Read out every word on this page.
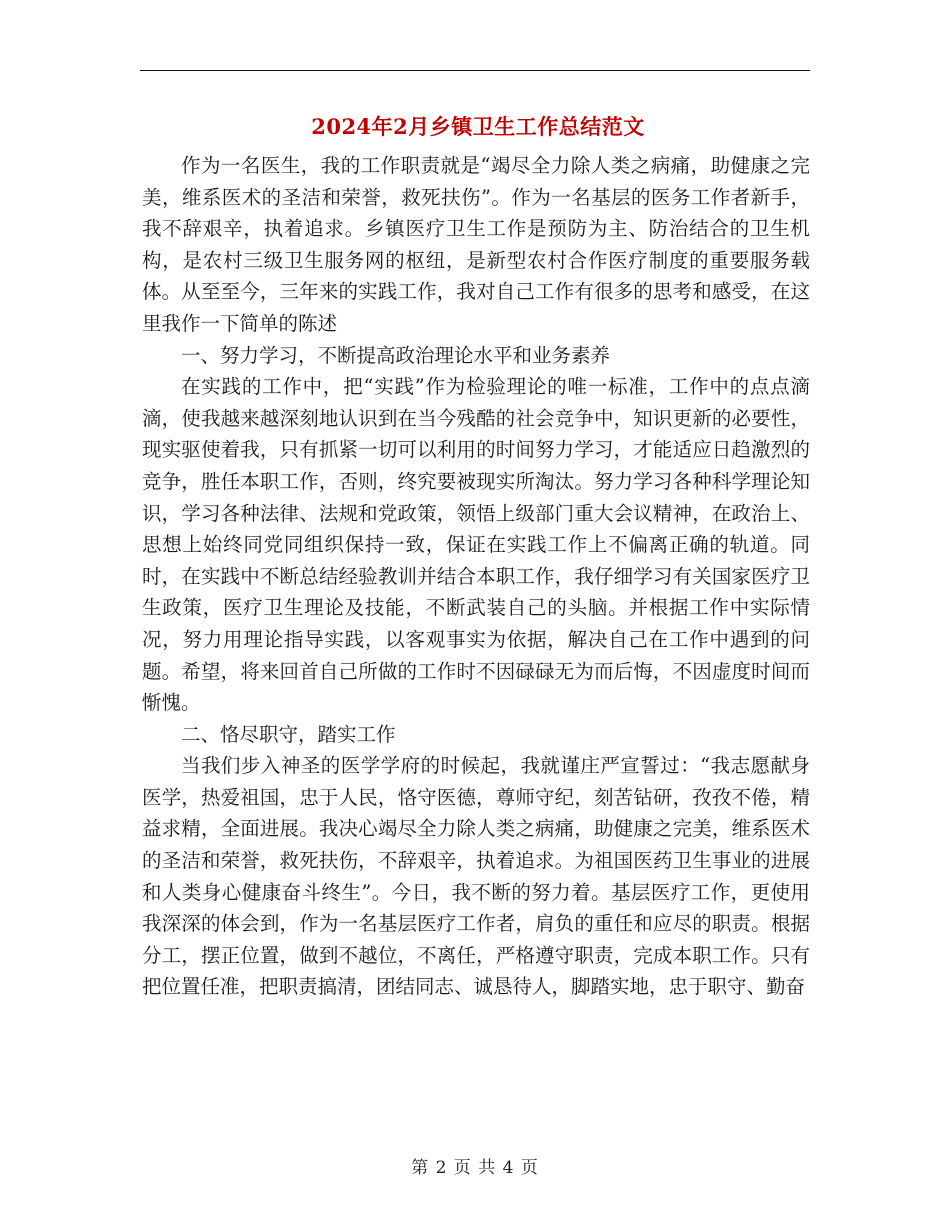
2024年2月乡镇卫生工作总结范文

作为一名医生，我的工作职责就是“竭尽全力除人类之病痛，助健康之完美，维系医术的圣洁和荣誉，救死扶伤”。作为一名基层的医务工作者新手，我不辞艰辛，执着追求。乡镇医疗卫生工作是预防为主、防治结合的卫生机构，是农村三级卫生服务网的枢纽，是新型农村合作医疗制度的重要服务载体。从至至今，三年来的实践工作，我对自己工作有很多的思考和感受，在这里我作一下简单的陈述

一、努力学习，不断提高政治理论水平和业务素养

在实践的工作中，把“实践”作为检验理论的唯一标准，工作中的点点滴滴，使我越来越深刻地认识到在当今残酷的社会竞争中，知识更新的必要性，现实驱使着我，只有抓紧一切可以利用的时间努力学习，才能适应日趋激烈的竞争，胜任本职工作，否则，终究要被现实所淘汰。努力学习各种科学理论知识，学习各种法律、法规和党政策，领悟上级部门重大会议精神，在政治上、思想上始终同党同组织保持一致，保证在实践工作上不偏离正确的轨道。同时，在实践中不断总结经验教训并结合本职工作，我仔细学习有关国家医疗卫生政策，医疗卫生理论及技能，不断武装自己的头脑。并根据工作中实际情况，努力用理论指导实践，以客观事实为依据，解决自己在工作中遇到的问题。希望，将来回首自己所做的工作时不因碌碌无为而后悔，不因虚度时间而惭愧。

二、恪尽职守，踏实工作

当我们步入神圣的医学学府的时候起，我就谨庄严宣誓过：“我志愿献身医学，热爱祖国，忠于人民，恪守医德，尊师守纪，刻苦钻研，孜孜不倦，精益求精，全面进展。我决心竭尽全力除人类之病痛，助健康之完美，维系医术的圣洁和荣誉，救死扶伤，不辞艰辛，执着追求。为祖国医药卫生事业的进展和人类身心健康奋斗终生”。今日，我不断的努力着。基层医疗工作，更使用我深深的体会到，作为一名基层医疗工作者，肩负的重任和应尽的职责。根据分工，摆正位置，做到不越位，不离任，严格遵守职责，完成本职工作。只有把位置任准，把职责搞清，团结同志、诚恳待人，脚踏实地，忠于职守、勤奋

第 2 页 共 4 页
